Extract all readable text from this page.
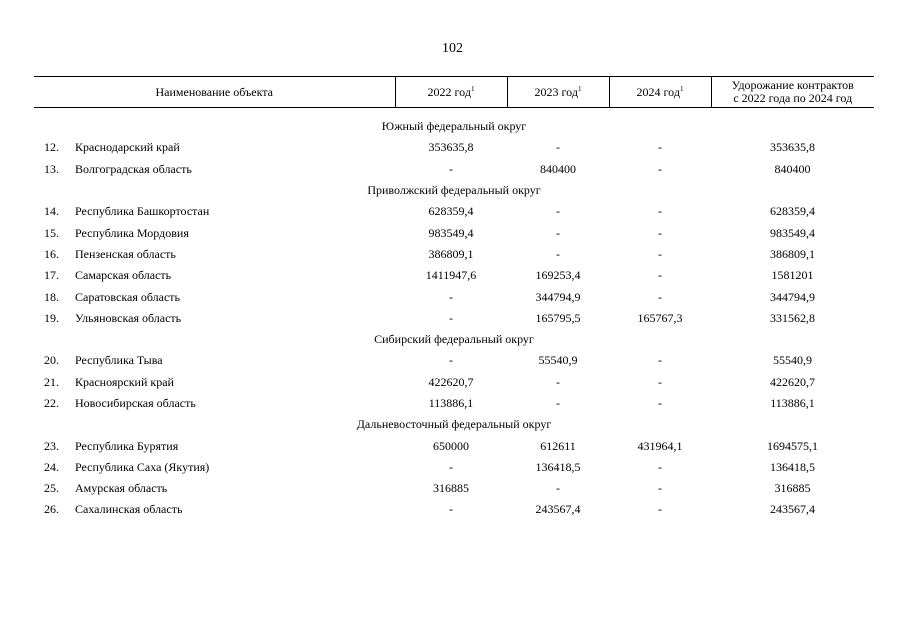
102
Наименование объекта		2022 год$^1$	2023 год$^1$	2024 год$^1$	Удорожание контрактов
с 2022 года по 2024 год

Южный федеральный округ					
12.	Краснодарский край	353635,8	-	-	353635,8
13.	Волгоградская область	-	840400	-	840400
Приволжский федеральный округ					
14.	Республика Башкортостан	628359,4	-	-	628359,4
15.	Республика Мордовия	983549,4	-	-	983549,4
16.	Пензенская область	386809,1	-	-	386809,1
17.	Самарская область	1411947,6	169253,4	-	1581201
18.	Саратовская область	-	344794,9	-	344794,9
19.	Ульяновская область	-	165795,5	165767,3	331562,8
Сибирский федеральный округ					
20.	Республика Тыва	-	55540,9	-	55540,9
21.	Красноярский край	422620,7	-	-	422620,7
22.	Новосибирская область	113886,1	-	-	113886,1
Дальневосточный федеральный округ					
23.	Республика Бурятия	650000	612611	431964,1	1694575,1
24.	Республика Саха (Якутия)	-	136418,5	-	136418,5
25.	Амурская область	316885	-	-	316885
26.	Сахалинская область	-	243567,4	-	243567,4
